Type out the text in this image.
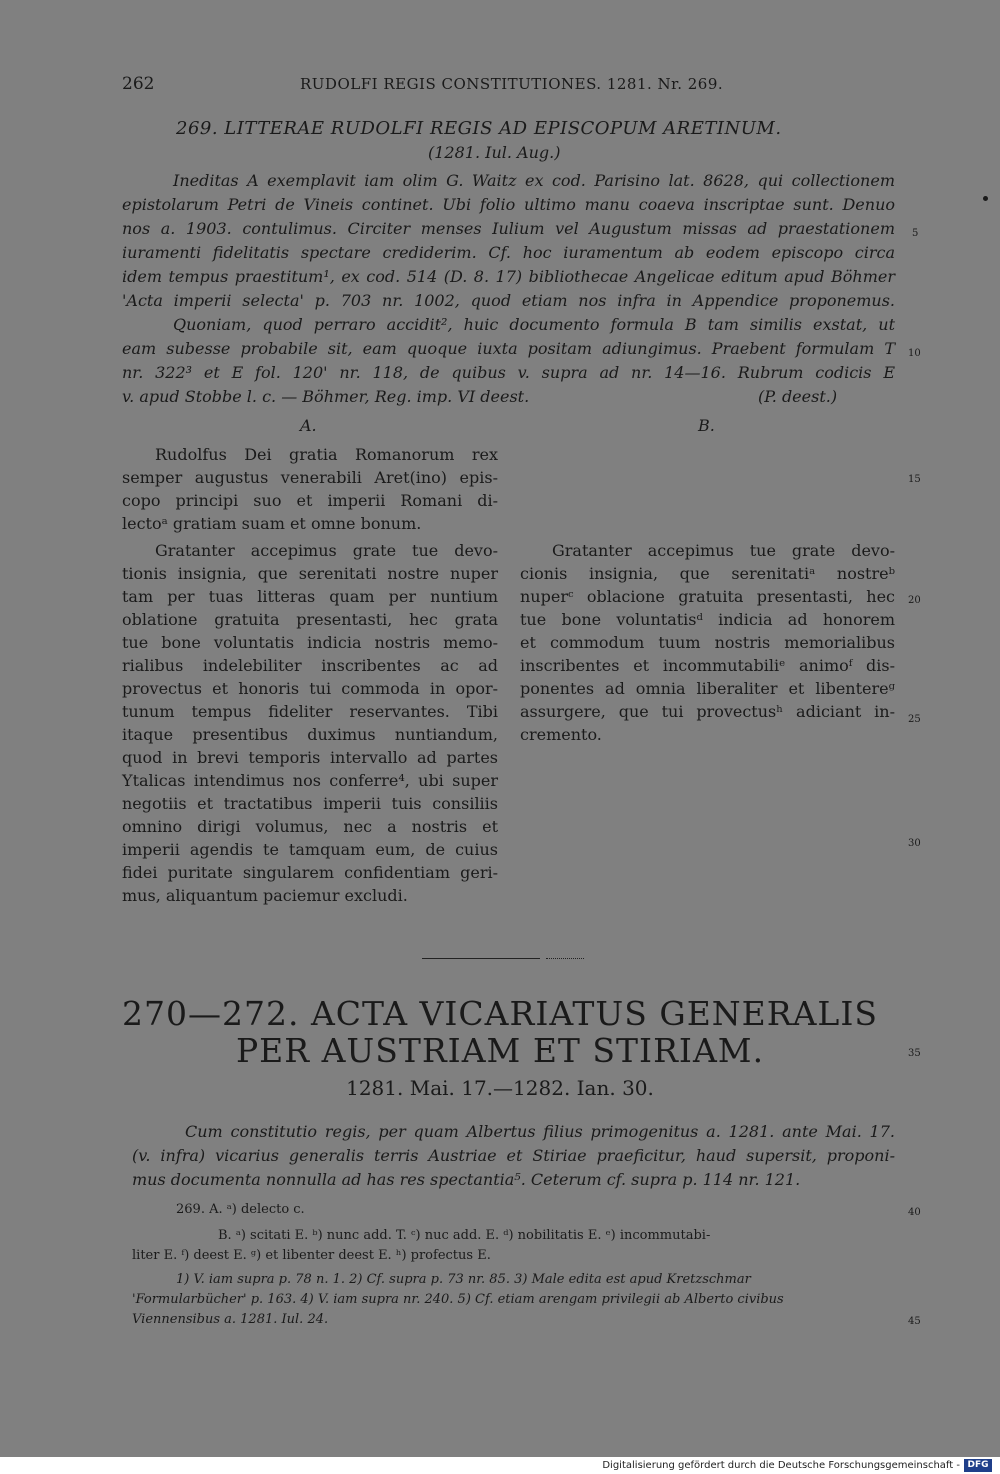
262	RUDOLFI REGIS CONSTITUTIONES. 1281. Nr. 269.
269. LITTERAE RUDOLFI REGIS AD EPISCOPUM ARETINUM.
(1281. Iul. Aug.)
Ineditas A exemplavit iam olim G. Waitz ex cod. Parisino lat. 8628, qui collectionem
epistolarum Petri de Vineis continet. Ubi folio ultimo manu coaeva inscriptae sunt. Denuo
nos a. 1903. contulimus. Circiter menses Iulium vel Augustum missas ad praestationem
iuramenti fidelitatis spectare crediderim. Cf. hoc iuramentum ab eodem episcopo circa
idem tempus praestitum¹, ex cod. 514 (D. 8. 17) bibliothecae Angelicae editum apud Böhmer
'Acta imperii selecta' p. 703 nr. 1002, quod etiam nos infra in Appendice proponemus.
Quoniam, quod perraro accidit², huic documento formula B tam similis exstat, ut
eam subesse probabile sit, eam quoque iuxta positam adiungimus. Praebent formulam T
nr. 322³ et E fol. 120' nr. 118, de quibus v. supra ad nr. 14—16. Rubrum codicis E
v. apud Stobbe l. c. — Böhmer, Reg. imp. VI deest.	(P. deest.)
A.	B.
Rudolfus Dei gratia Romanorum rex
semper augustus venerabili Aret(ino) epis-
copo principi suo et imperii Romani di-
lectoᵃ gratiam suam et omne bonum.
Gratanter accepimus grate tue devo-
tionis insignia, que serenitati nostre nuper
tam per tuas litteras quam per nuntium
oblatione gratuita presentasti, hec grata
tue bone voluntatis indicia nostris memo-
rialibus indelebiliter inscribentes ac ad
provectus et honoris tui commoda in opor-
tunum tempus fideliter reservantes. Tibi
itaque presentibus duximus nuntiandum,
quod in brevi temporis intervallo ad partes
Ytalicas intendimus nos conferre⁴, ubi super
negotiis et tractatibus imperii tuis consiliis
omnino dirigi volumus, nec a nostris et
imperii agendis te tamquam eum, de cuius
fidei puritate singularem confidentiam geri-
mus, aliquantum paciemur excludi.
Gratanter accepimus tue grate devo-
cionis insignia, que serenitatiᵃ nostreᵇ
nuperᶜ oblacione gratuita presentasti, hec
tue bone voluntatisᵈ indicia ad honorem
et commodum tuum nostris memorialibus
inscribentes et incommutabiliᵉ animoᶠ dis-
ponentes ad omnia liberaliter et libentereᵍ
assurgere, que tui provectusʰ adiciant in-
cremento.
270—272. ACTA VICARIATUS GENERALIS
PER AUSTRIAM ET STIRIAM.
1281. Mai. 17.—1282. Ian. 30.
Cum constitutio regis, per quam Albertus filius primogenitus a. 1281. ante Mai. 17.
(v. infra) vicarius generalis terris Austriae et Stiriae praeficitur, haud supersit, proponi-
mus documenta nonnulla ad has res spectantia⁵. Ceterum cf. supra p. 114 nr. 121.
269. A. ᵃ) delecto c.
B. ᵃ) scitati E. ᵇ) nunc add. T. ᶜ) nuc add. E. ᵈ) nobilitatis E. ᵉ) incommutabi-
liter E. ᶠ) deest E. ᵍ) et libenter deest E. ʰ) profectus E.
1) V. iam supra p. 78 n. 1. 2) Cf. supra p. 73 nr. 85. 3) Male edita est apud Kretzschmar
'Formularbücher' p. 163. 4) V. iam supra nr. 240. 5) Cf. etiam arengam privilegii ab Alberto civibus
Viennensibus a. 1281. Iul. 24.
5
10
15
20
25
30
35
40
45
Digitalisierung gefördert durch die Deutsche Forschungsgemeinschaft - DFG
